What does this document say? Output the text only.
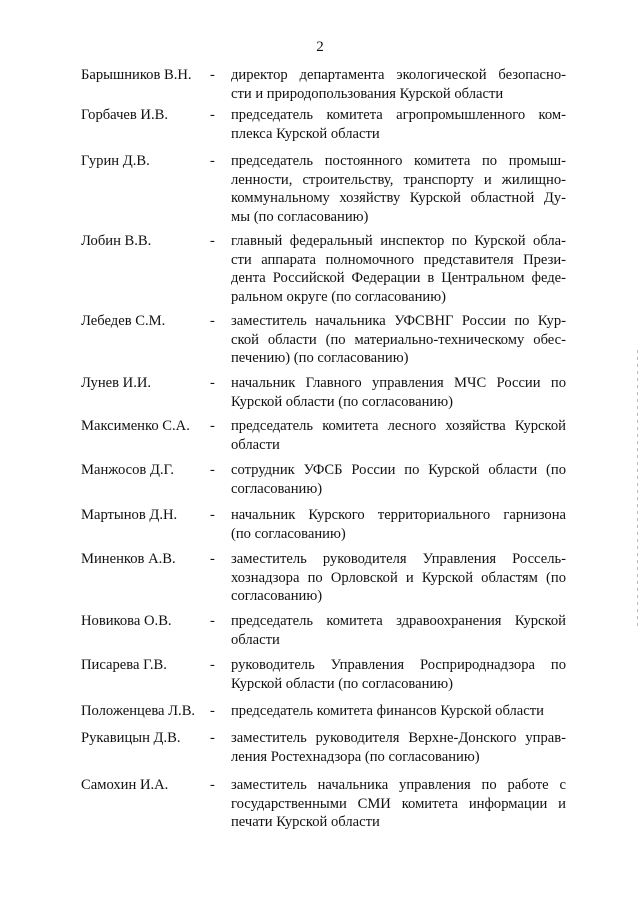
2
Барышников В.Н. - директор департамента экологической безопасно-
сти и природопользования Курской области
Горбачев И.В.	- председатель комитета агропромышленного ком-
плекса Курской области
Гурин Д.В.	- председатель постоянного комитета по промыш-
ленности, строительству, транспорту и жилищно-
коммунальному хозяйству Курской областной Ду-
мы (по согласованию)
Лобин В.В.	- главный федеральный инспектор по Курской обла-
сти аппарата полномочного представителя Прези-
дента Российской Федерации в Центральном феде-
ральном округе (по согласованию)
Лебедев С.М.	- заместитель начальника УФСВНГ России по Кур-
ской области (по материально-техническому обес-
печению) (по согласованию)
Лунев И.И.	- начальник Главного управления МЧС России по
Курской области (по согласованию)
Максименко С.А. - председатель комитета лесного хозяйства Курской
области
Манжосов Д.Г. - сотрудник УФСБ России по Курской области (по
согласованию)
Мартынов Д.Н. - начальник Курского территориального гарнизона
(по согласованию)
Миненков А.В. - заместитель руководителя Управления Россель-
хознадзора по Орловской и Курской областям (по
согласованию)
Новикова О.В.	- председатель комитета здравоохранения Курской
области
Писарева Г.В.	- руководитель Управления Росприроднадзора по
Курской области (по согласованию)
Положенцева Л.В. - председатель комитета финансов Курской области
Рукавицын Д.В. - заместитель руководителя Верхне-Донского управ-
ления Ростехнадзора (по согласованию)
Самохин И.А.	- заместитель начальника управления по работе с
государственными СМИ комитета информации и
печати Курской области
